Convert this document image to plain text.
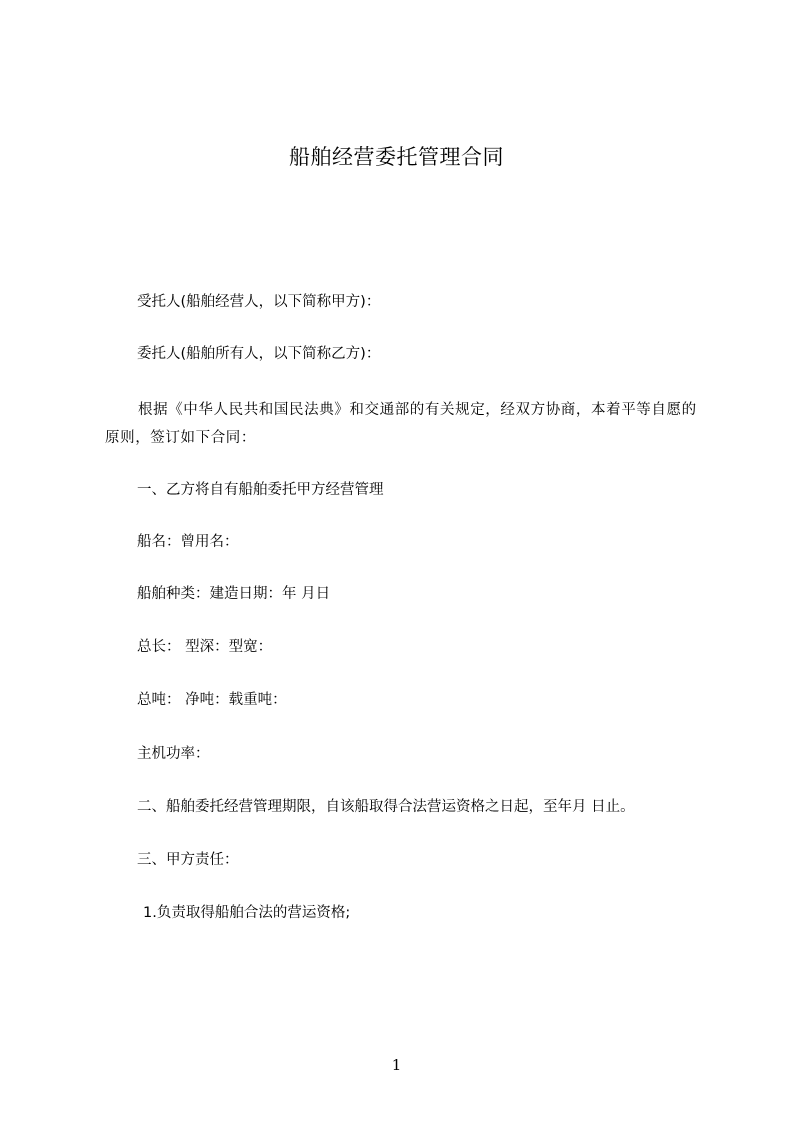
船舶经营委托管理合同

受托人(船舶经营人，以下简称甲方)：

委托人(船舶所有人，以下简称乙方)：

根据《中华人民共和国民法典》和交通部的有关规定，经双方协商，本着平等自愿的原则，签订如下合同：

一、乙方将自有船舶委托甲方经营管理

船名：曾用名：

船舶种类：建造日期：年 月日

总长： 型深：型宽：

总吨： 净吨：载重吨：

主机功率：

二、船舶委托经营管理期限，自该船取得合法营运资格之日起，至年月 日止。

三、甲方责任：

1.负责取得船舶合法的营运资格;

1
